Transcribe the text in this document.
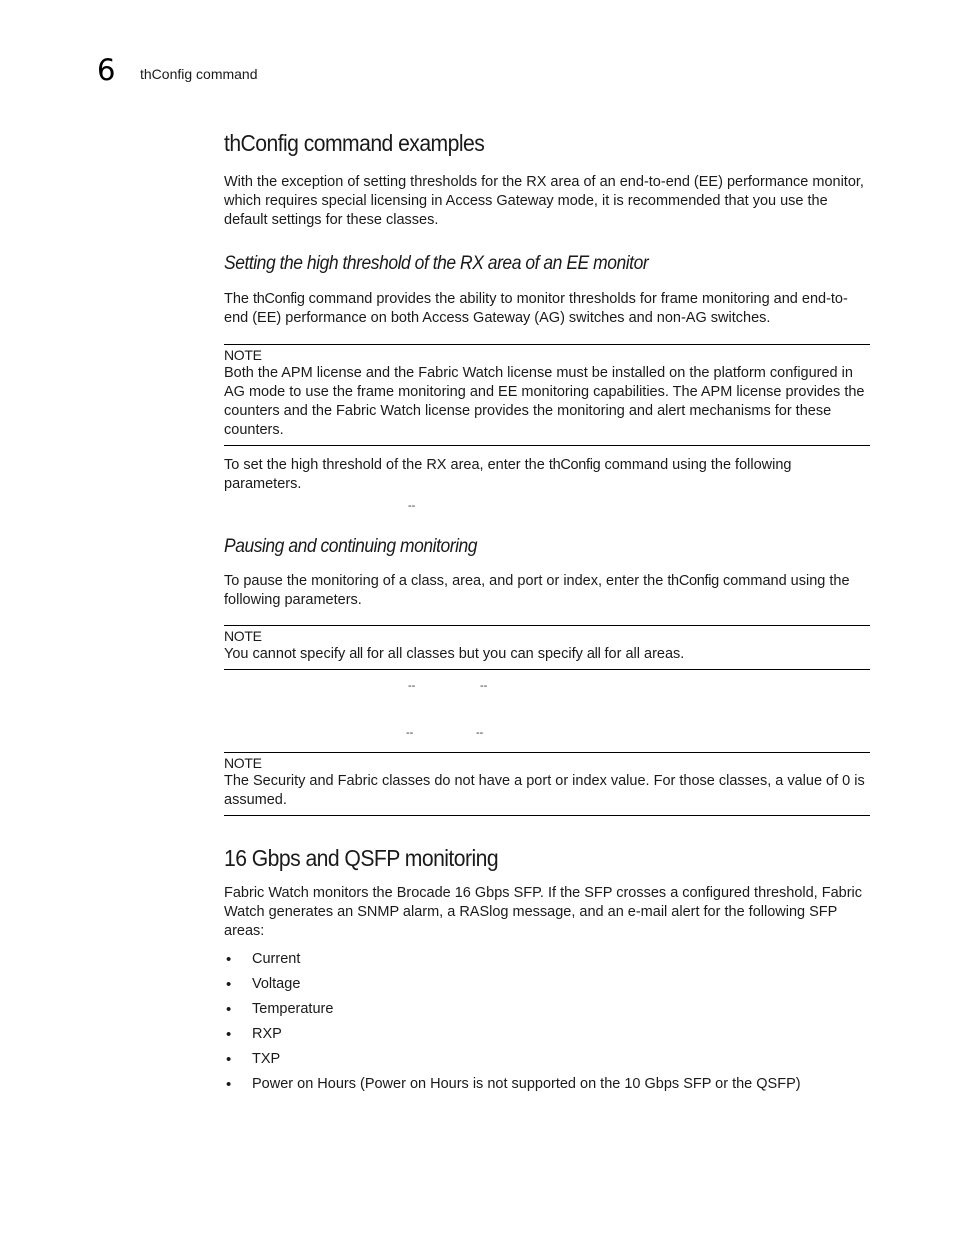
6 thConfig command
thConfig command examples

With the exception of setting thresholds for the RX area of an end-to-end (EE) performance monitor, which requires special licensing in Access Gateway mode, it is recommended that you use the default settings for these classes.

Setting the high threshold of the RX area of an EE monitor

The thConfig command provides the ability to monitor thresholds for frame monitoring and end-to-end (EE) performance on both Access Gateway (AG) switches and non-AG switches.

NOTE

Both the APM license and the Fabric Watch license must be installed on the platform configured in AG mode to use the frame monitoring and EE monitoring capabilities. The APM license provides the counters and the Fabric Watch license provides the monitoring and alert mechanisms for these counters.

To set the high threshold of the RX area, enter the thConfig command using the following parameters.

--
Pausing and continuing monitoring

To pause the monitoring of a class, area, and port or index, enter the thConfig command using the following parameters.

NOTE

You cannot specify all for all classes but you can specify all for all areas.

--	--
--	--
NOTE

The Security and Fabric classes do not have a port or index value. For those classes, a value of 0 is assumed.

16 Gbps and QSFP monitoring

Fabric Watch monitors the Brocade 16 Gbps SFP. If the SFP crosses a configured threshold, Fabric Watch generates an SNMP alarm, a RASlog message, and an e-mail alert for the following SFP areas:

• Current
• Voltage
• Temperature
• RXP
• TXP
• Power on Hours (Power on Hours is not supported on the 10 Gbps SFP or the QSFP)
